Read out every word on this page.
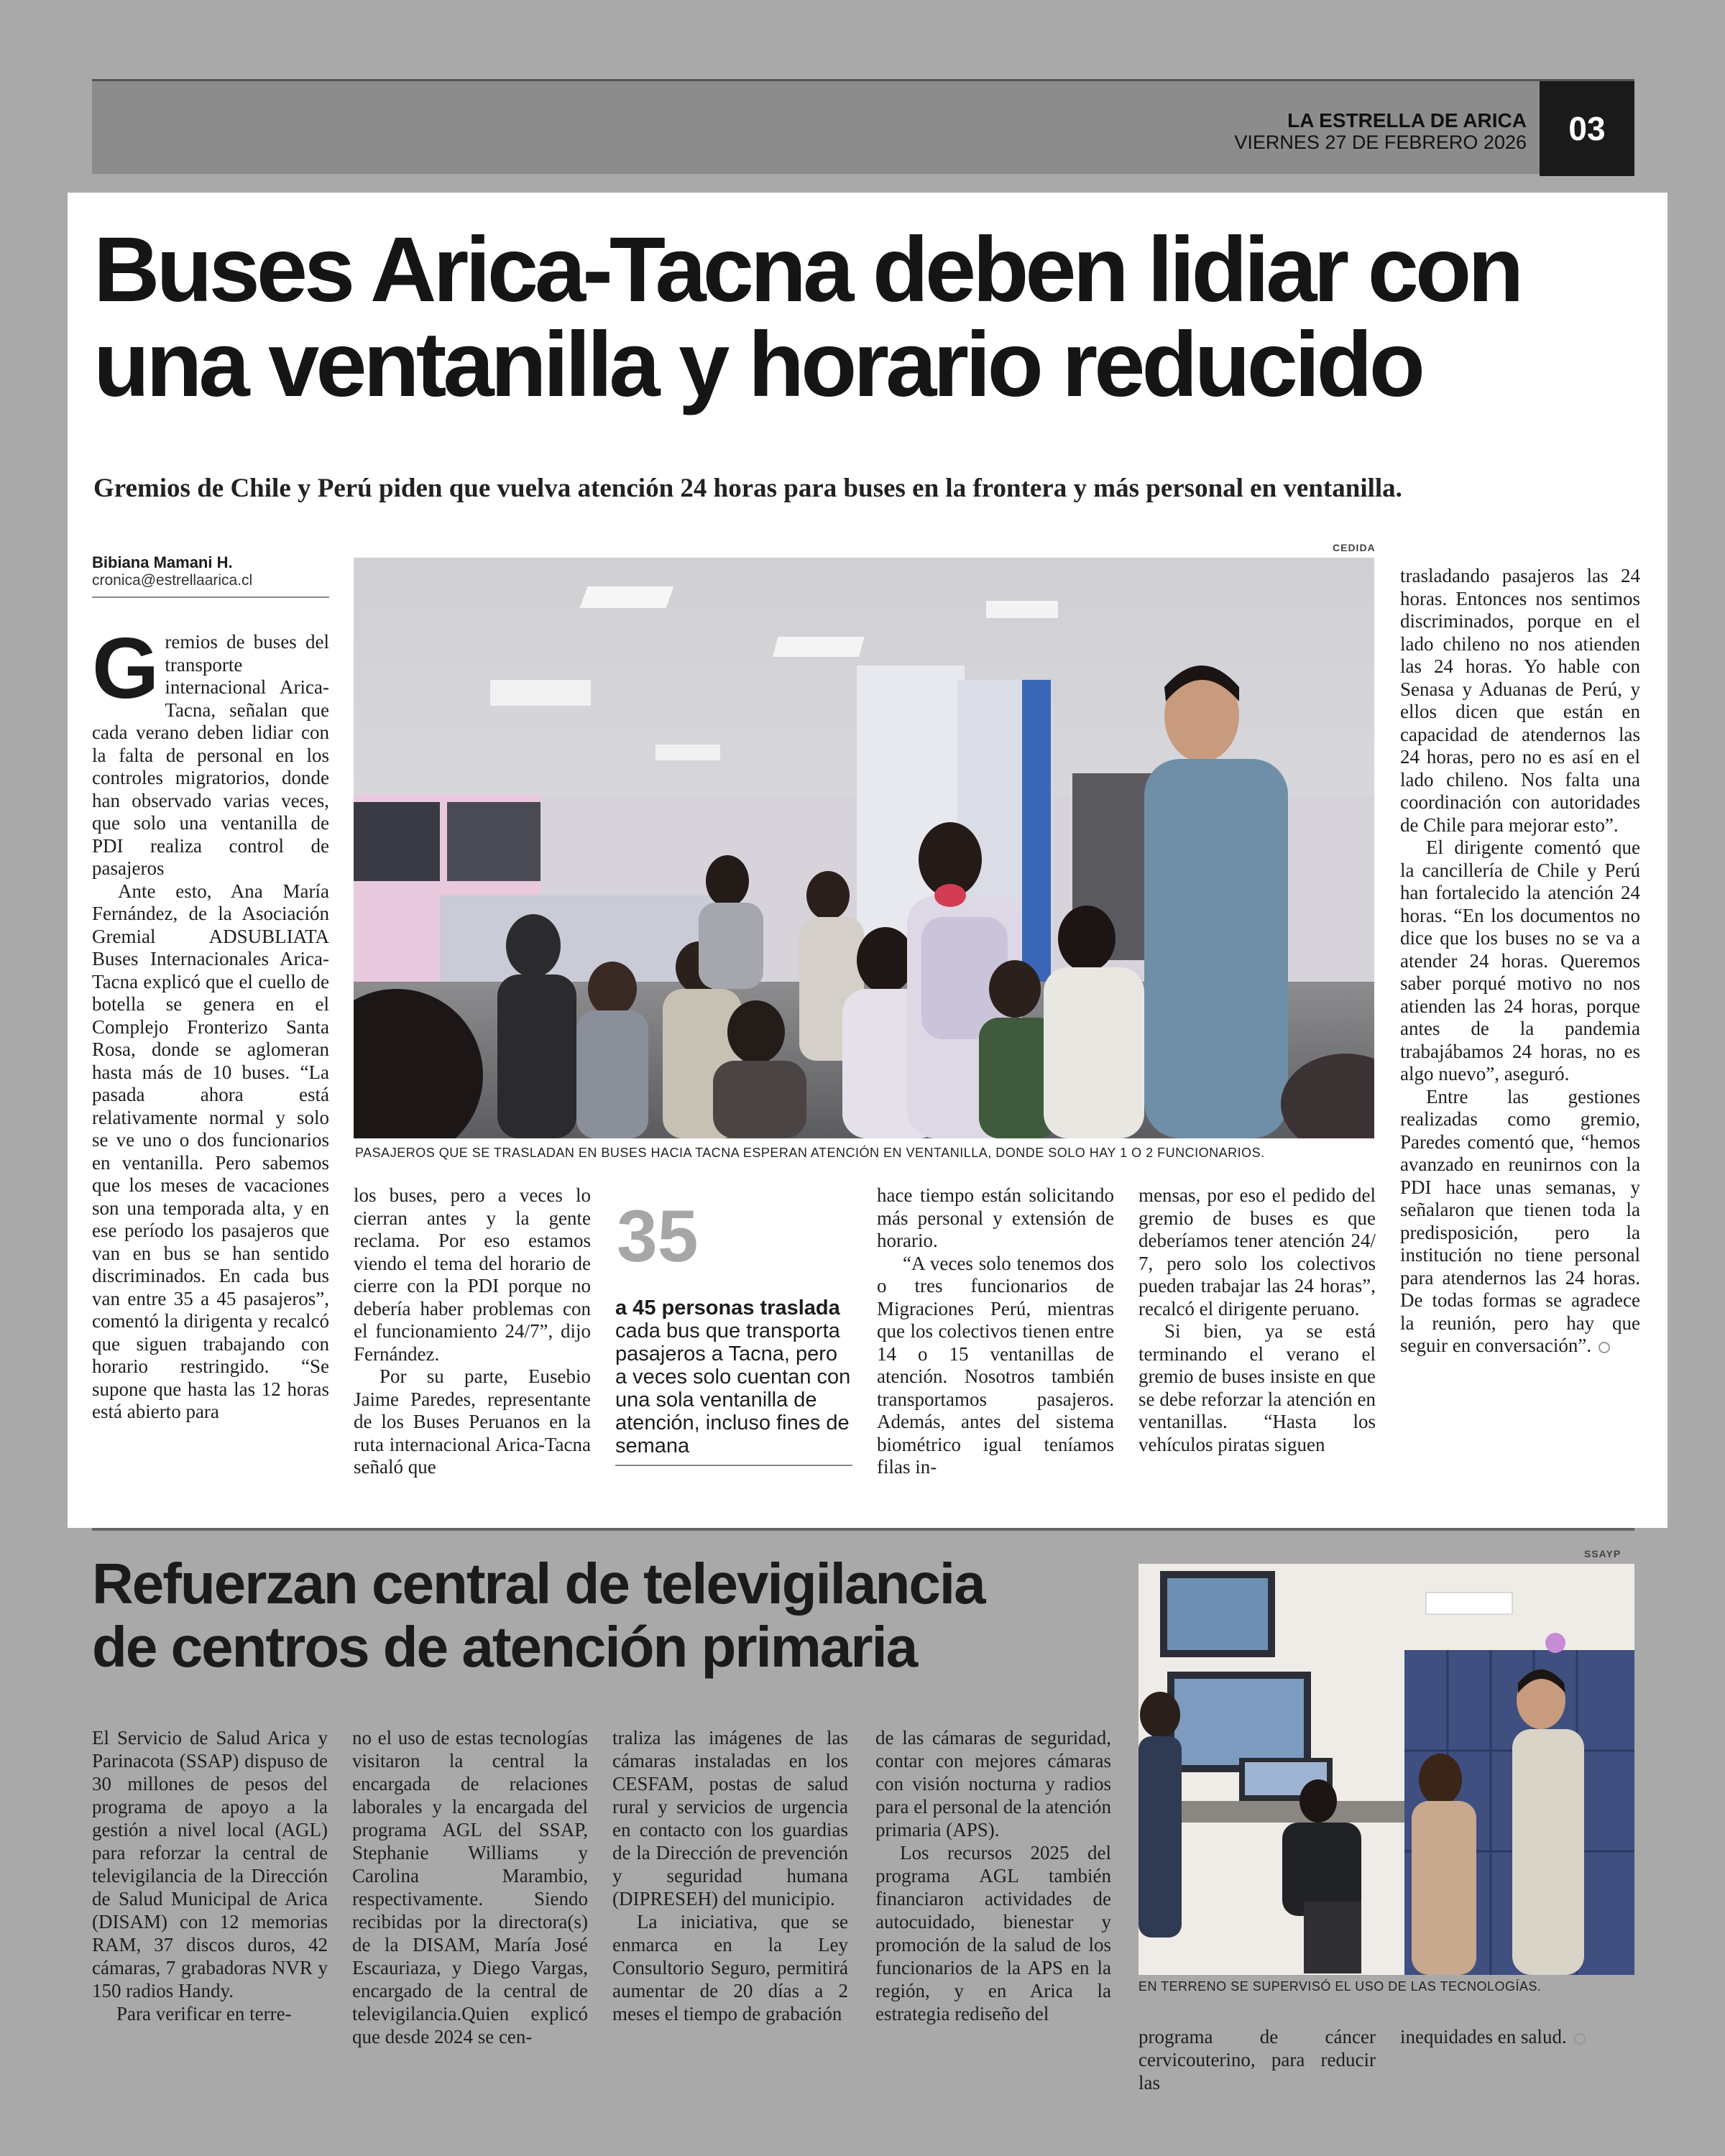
LA ESTRELLA DE ARICA
VIERNES 27 DE FEBRERO 2026	03
Buses Arica-Tacna deben lidiar con
una ventanilla y horario reducido
Gremios de Chile y Perú piden que vuelva atención 24 horas para buses en la frontera y más personal en ventanilla.
Bibiana Mamani H.
cronica@estrellaarica.cl
CEDIDA
PASAJEROS QUE SE TRASLADAN EN BUSES HACIA TACNA ESPERAN ATENCIÓN EN VENTANILLA, DONDE SOLO HAY 1 O 2 FUNCIONARIOS.

Gremios de buses del transporte internacional Arica-Tacna, señalan que cada verano deben lidiar con la falta de personal en los controles migratorios, donde han observado varias veces, que solo una ventanilla de PDI realiza control de pasajeros

Ante esto, Ana María Fernández, de la Asociación Gremial ADSUBLIATA Buses Internacionales Arica-Tacna explicó que el cuello de botella se genera en el Complejo Fronterizo Santa Rosa, donde se aglomeran hasta más de 10 buses. “La pasada ahora está relativamente normal y solo se ve uno o dos funcionarios en ventanilla. Pero sabemos que los meses de vacaciones son una temporada alta, y en ese período los pasajeros que van en bus se han sentido discriminados. En cada bus van entre 35 a 45 pasajeros”, comentó la dirigenta y recalcó que siguen trabajando con horario restringido. “Se supone que hasta las 12 horas está abierto para

los buses, pero a veces lo cierran antes y la gente reclama. Por eso estamos viendo el tema del horario de cierre con la PDI porque no debería haber problemas con el funcionamiento 24/7”, dijo Fernández.

Por su parte, Eusebio Jaime Paredes, representante de los Buses Peruanos en la ruta internacional Arica-Tacna señaló que

35
a 45 personas traslada
cada bus que transporta pasajeros a Tacna, pero a veces solo cuentan con una sola ventanilla de atención, incluso fines de semana

hace tiempo están solicitando más personal y extensión de horario.

“A veces solo tenemos dos o tres funcionarios de Migraciones Perú, mientras que los colectivos tienen entre 14 o 15 ventanillas de atención. Nosotros también transportamos pasajeros. Además, antes del sistema biométrico igual teníamos filas in-

mensas, por eso el pedido del gremio de buses es que deberíamos tener atención 24/ 7, pero solo los colectivos pueden trabajar las 24 horas”, recalcó el dirigente peruano.

Si bien, ya se está terminando el verano el gremio de buses insiste en que se debe reforzar la atención en ventanillas. “Hasta los vehículos piratas siguen

trasladando pasajeros las 24 horas. Entonces nos sentimos discriminados, porque en el lado chileno no nos atienden las 24 horas. Yo hable con Senasa y Aduanas de Perú, y ellos dicen que están en capacidad de atendernos las 24 horas, pero no es así en el lado chileno. Nos falta una coordinación con autoridades de Chile para mejorar esto”.

El dirigente comentó que la cancillería de Chile y Perú han fortalecido la atención 24 horas. “En los documentos no dice que los buses no se va a atender 24 horas. Queremos saber porqué motivo no nos atienden las 24 horas, porque antes de la pandemia trabajábamos 24 horas, no es algo nuevo”, aseguró.

Entre las gestiones realizadas como gremio, Paredes comentó que, “hemos avanzado en reunirnos con la PDI hace unas semanas, y señalaron que tienen toda la predisposición, pero la institución no tiene personal para atendernos las 24 horas. De todas formas se agradece la reunión, pero hay que seguir en conversación”.

Refuerzan central de televigilancia
de centros de atención primaria

El Servicio de Salud Arica y Parinacota (SSAP) dispuso de 30 millones de pesos del programa de apoyo a la gestión a nivel local (AGL) para reforzar la central de televigilancia de la Dirección de Salud Municipal de Arica (DISAM) con 12 memorias RAM, 37 discos duros, 42 cámaras, 7 grabadoras NVR y 150 radios Handy.

Para verificar en terre-

no el uso de estas tecnologías visitaron la central la encargada de relaciones laborales y la encargada del programa AGL del SSAP, Stephanie Williams y Carolina Marambio, respectivamente. Siendo recibidas por la directora(s) de la DISAM, María José Escauriaza, y Diego Vargas, encargado de la central de televigilancia.Quien explicó que desde 2024 se cen-

traliza las imágenes de las cámaras instaladas en los CESFAM, postas de salud rural y servicios de urgencia en contacto con los guardias de la Dirección de prevención y seguridad humana (DIPRESEH) del municipio.

La iniciativa, que se enmarca en la Ley Consultorio Seguro, permitirá aumentar de 20 días a 2 meses el tiempo de grabación

de las cámaras de seguridad, contar con mejores cámaras con visión nocturna y radios para el personal de la atención primaria (APS).

Los recursos 2025 del programa AGL también financiaron actividades de autocuidado, bienestar y promoción de la salud de los funcionarios de la APS en la región, y en Arica la estrategia rediseño del

programa de cáncer cervicouterino, para reducir las

inequidades en salud.

SSAYP
EN TERRENO SE SUPERVISÓ EL USO DE LAS TECNOLOGÍAS.
